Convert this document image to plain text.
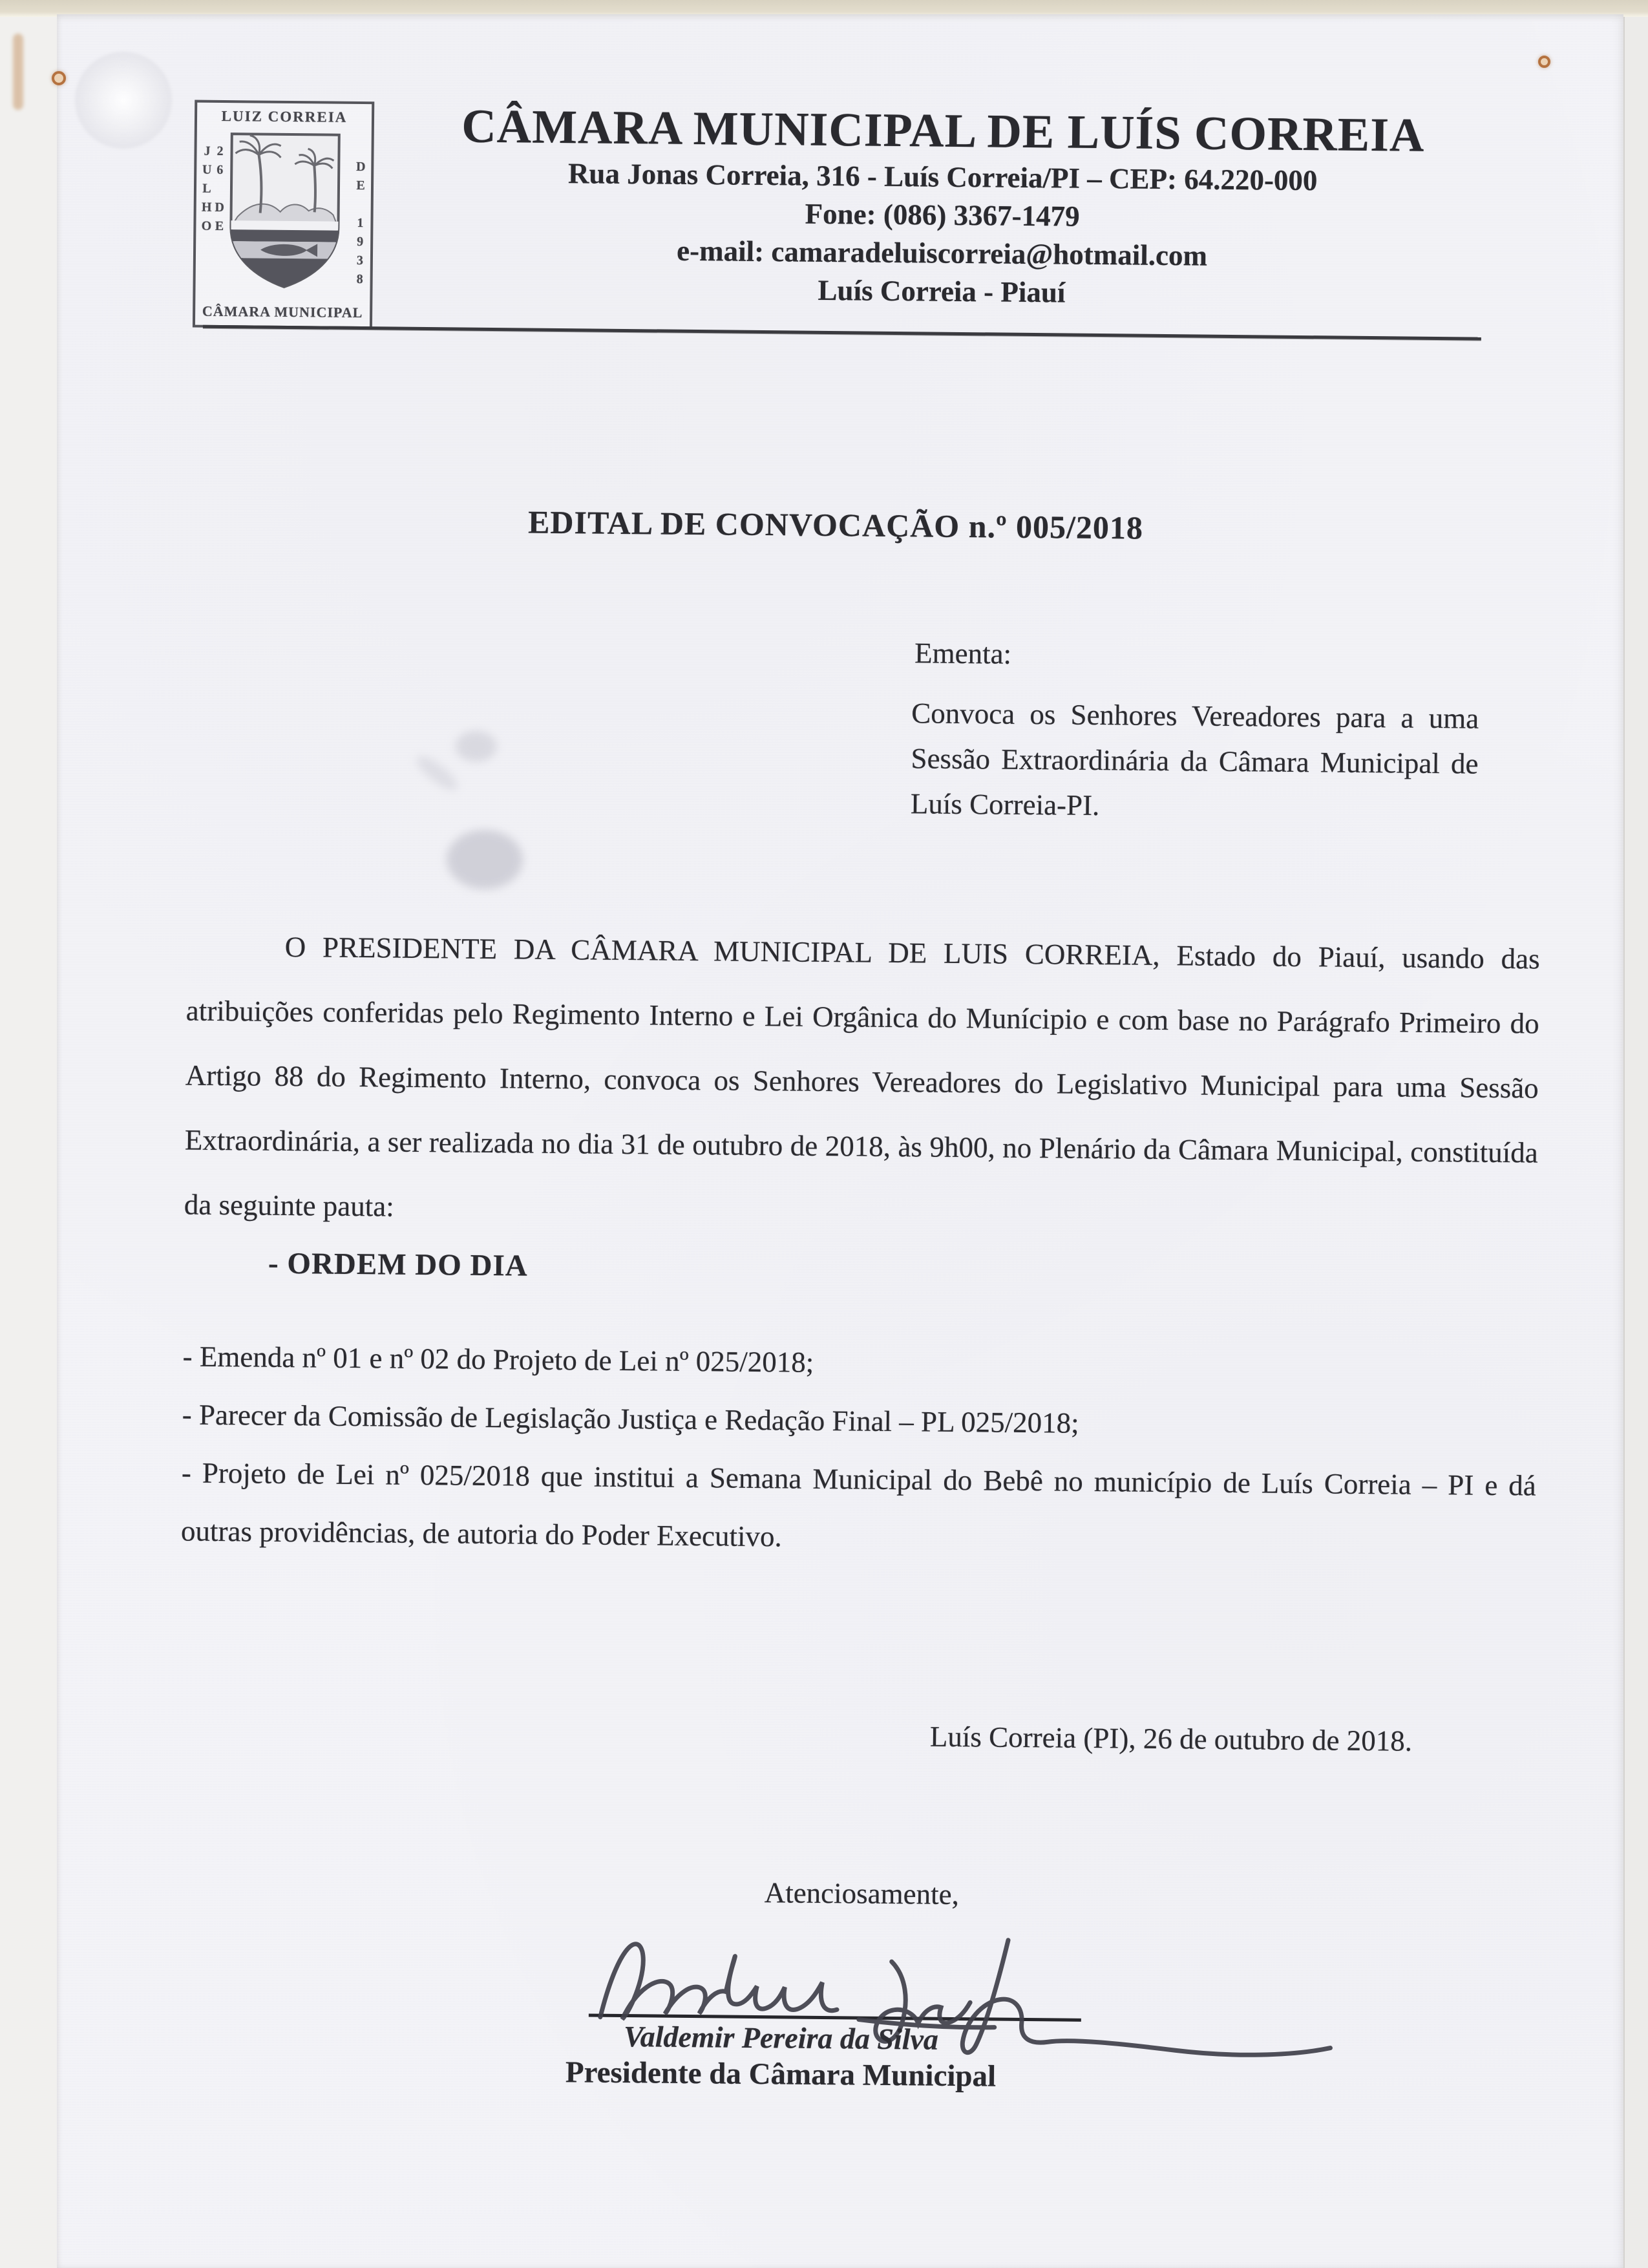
LUIZ CORREIA
26 DE JULHO	DE 1938
CÂMARA MUNICIPAL
CÂMARA MUNICIPAL DE LUÍS CORREIA
Rua Jonas Correia, 316 - Luís Correia/PI – CEP: 64.220-000
Fone: (086) 3367-1479
e-mail: camaradeluiscorreia@hotmail.com
Luís Correia - Piauí
EDITAL DE CONVOCAÇÃO n.º 005/2018
Ementa:
Convoca os Senhores Vereadores para a uma Sessão Extraordinária da Câmara Municipal de Luís Correia-PI.
O PRESIDENTE DA CÂMARA MUNICIPAL DE LUIS CORREIA, Estado do Piauí, usando das atribuições conferidas pelo Regimento Interno e Lei Orgânica do Munícipio e com base no Parágrafo Primeiro do Artigo 88 do Regimento Interno, convoca os Senhores Vereadores do Legislativo Municipal para uma Sessão Extraordinária, a ser realizada no dia 31 de outubro de 2018, às 9h00, no Plenário da Câmara Municipal, constituída da seguinte pauta:
- ORDEM DO DIA

- Emenda nº 01 e nº 02 do Projeto de Lei nº 025/2018;

- Parecer da Comissão de Legislação Justiça e Redação Final – PL 025/2018;

- Projeto de Lei nº 025/2018 que institui a Semana Municipal do Bebê no município de Luís Correia – PI e dá outras providências, de autoria do Poder Executivo.

Luís Correia (PI), 26 de outubro de 2018.
Atenciosamente,
Valdemir Pereira da Silva
Presidente da Câmara Municipal
